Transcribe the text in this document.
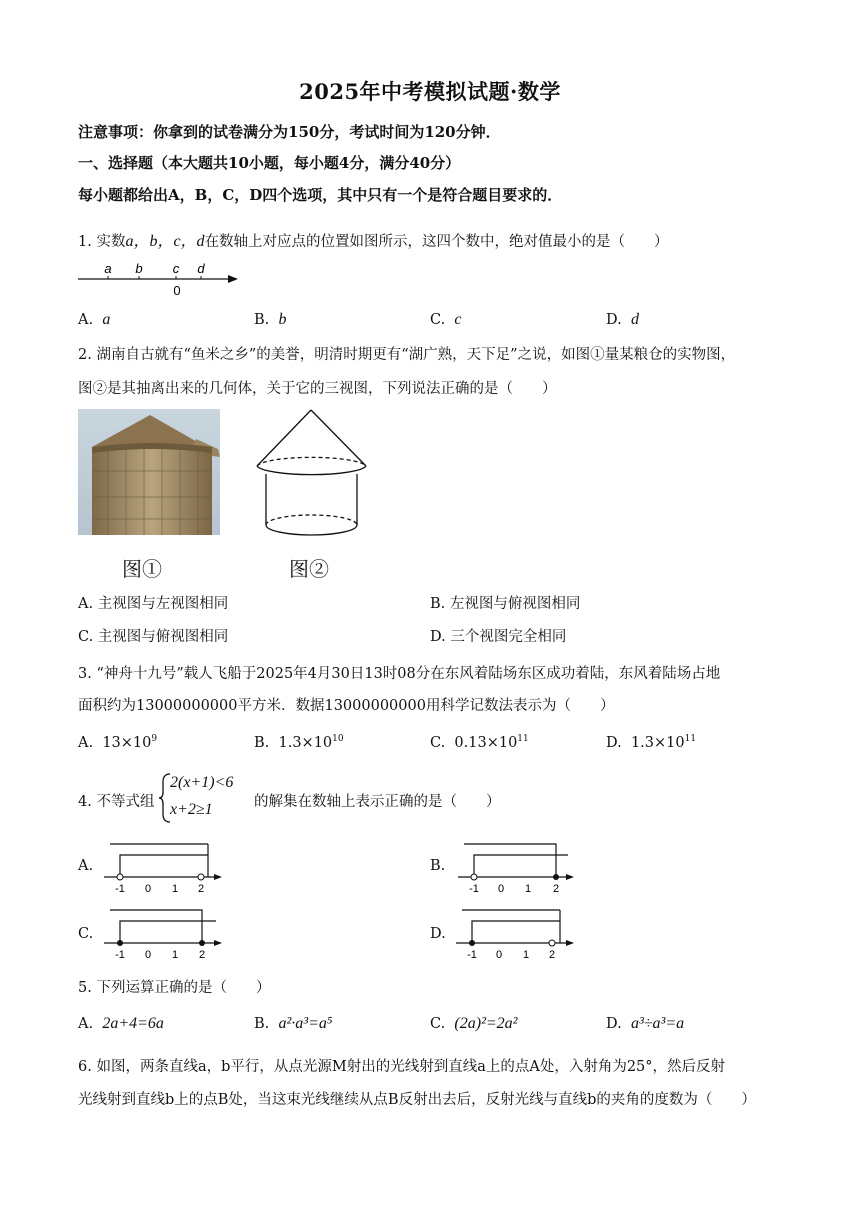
2025年中考模拟试题·数学
注意事项：你拿到的试卷满分为150分，考试时间为120分钟．
一、选择题（本大题共10小题，每小题4分，满分40分）
每小题都给出A，B，C，D四个选项，其中只有一个是符合题目要求的．
1. 实数a，b，c，d在数轴上对应点的位置如图所示，这四个数中，绝对值最小的是（　　）
a b c d
0
A. a	B. b	C. c	D. d
2. 湖南自古就有“鱼米之乡”的美誉，明清时期更有“湖广熟，天下足”之说，如图①量某粮仓的实物图，
图②是其抽离出来的几何体，关于它的三视图，下列说法正确的是（　　）
图①	图②
A. 主视图与左视图相同	B. 左视图与俯视图相同
C. 主视图与俯视图相同	D. 三个视图完全相同
3. “神舟十九号”载人飞船于2025年4月30日13时08分在东风着陆场东区成功着陆，东风着陆场占地
面积约为13000000000平方米．数据13000000000用科学记数法表示为（　　）
A. $13\times 10^9$	B. $1.3\times 10^{10}$	C. $0.13\times 10^{11}$	D. $1.3\times 10^{11}$
4. 不等式组
2(x+1)<6
x+2≥1	的解集在数轴上表示正确的是（　　）
A.
-1 0 1 2
B.
-1 0 1 2
C.
-1 0 1 2
D.
-1 0 1 2
5. 下列运算正确的是（　　）
A. 2a+4=6a	B. a²·a³=a⁵	C. (2a)²=2a²	D. a³÷a³=a
6. 如图，两条直线a，b平行，从点光源M射出的光线射到直线a上的点A处，入射角为25°，然后反射
光线射到直线b上的点B处，当这束光线继续从点B反射出去后，反射光线与直线b的夹角的度数为（　　）
